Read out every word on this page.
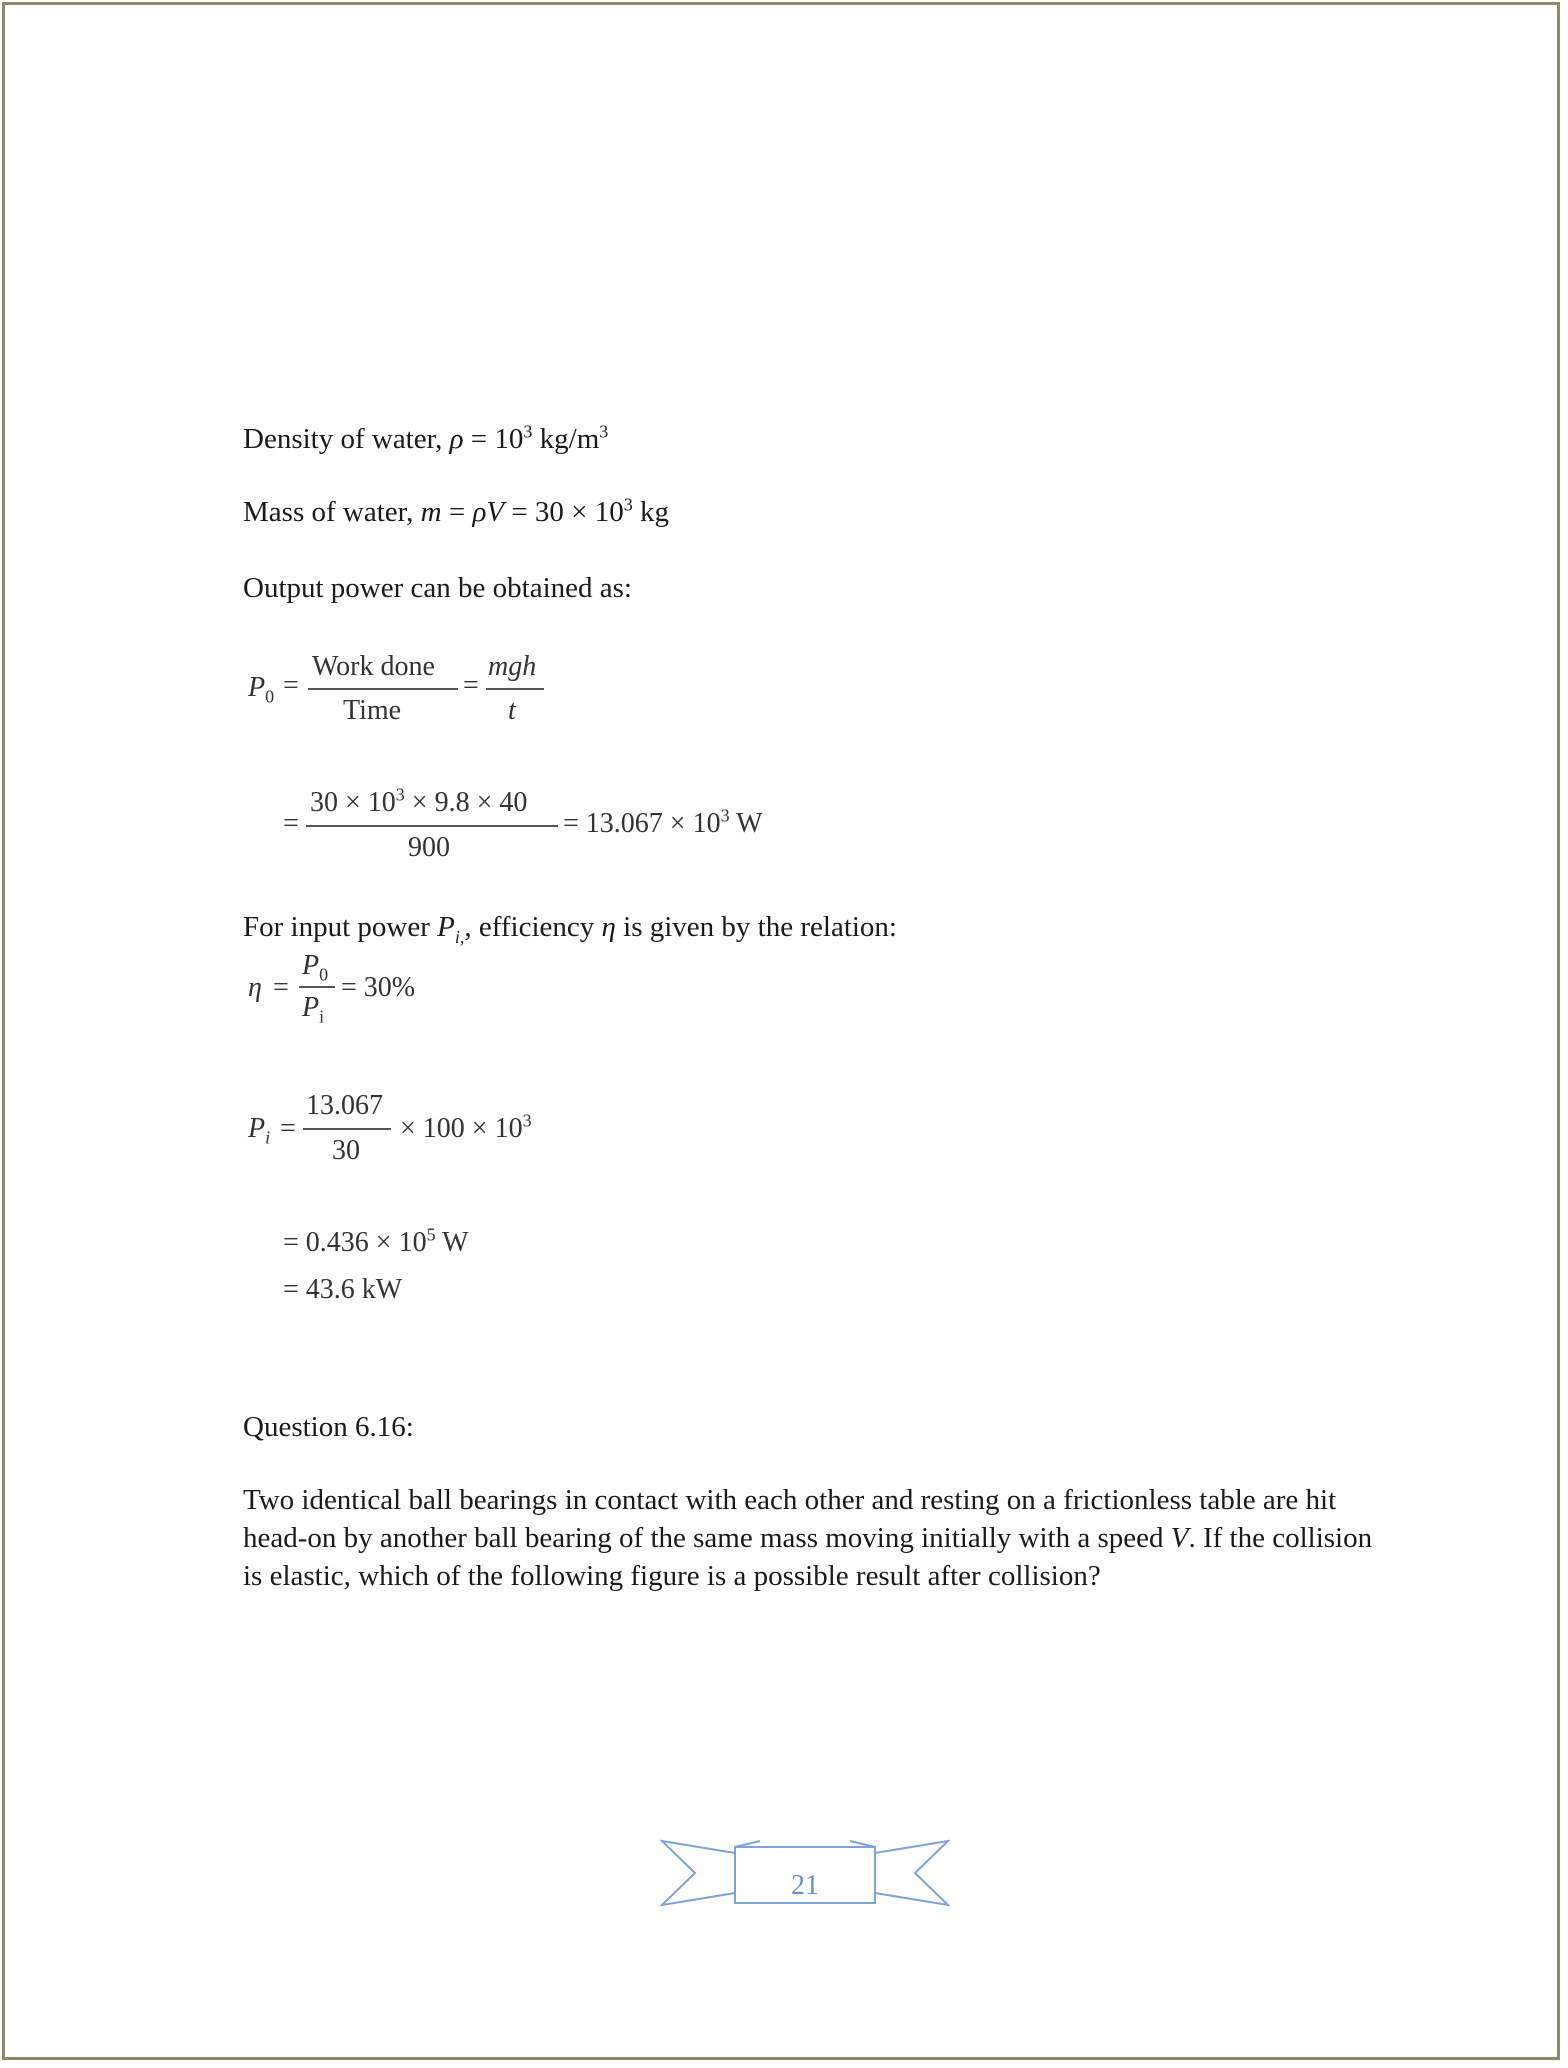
Density of water, $\rho = 10^3$ $kg/m^3$
Mass of water, $m = \rho V = 30 \times 10^3$ kg
Output power can be obtained as:
$P_0$ =
Work done
Time
=
mgh
t
=
$30 \times 10^3 \times 9.8 \times 40$
900
= $13.067 \times 10^3$ W
For input power $P_{i,}$, efficiency η is given by the relation:
η =
$P_0$
$P_i$
= 30%
$P_i$ =
13.067
30
× $100 \times 10^3$
= $0.436 \times 10^5$ W
= 43.6 kW
Question 6.16:
Two identical ball bearings in contact with each other and resting on a frictionless table are hit head-on by another ball bearing of the same mass moving initially with a speed V. If the collision is elastic, which of the following figure is a possible result after collision?
21
